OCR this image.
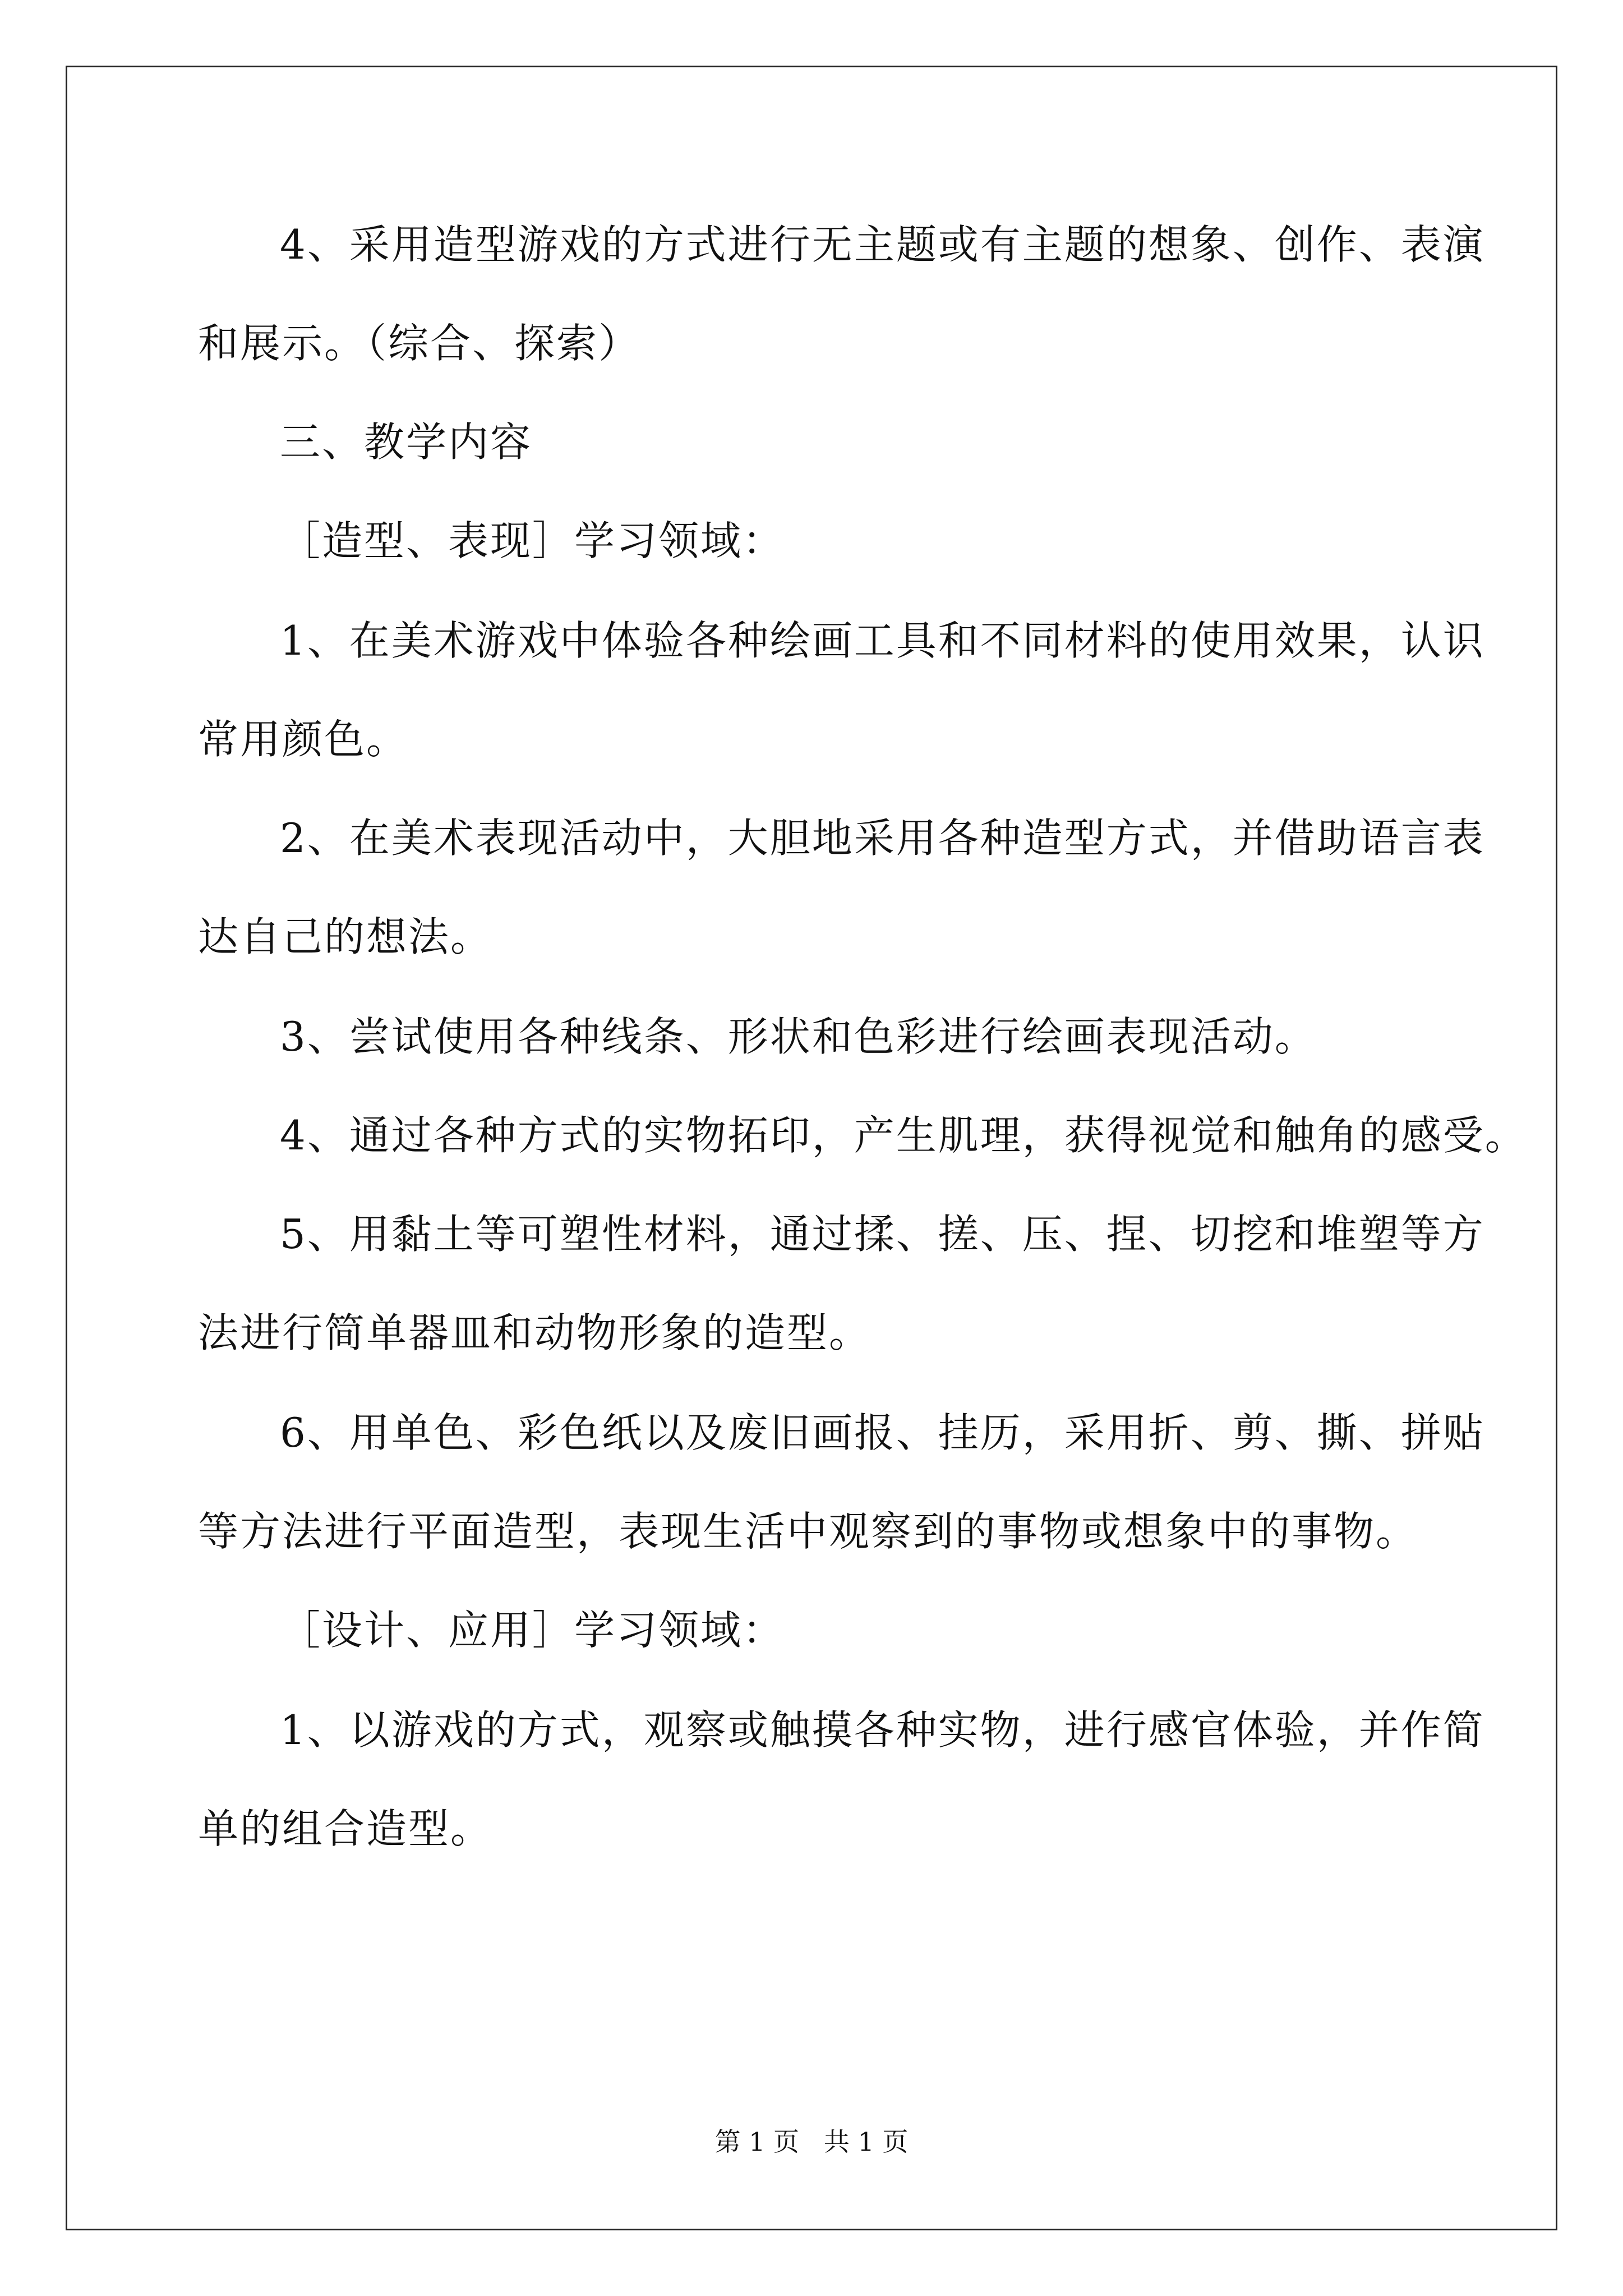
4、采用造型游戏的方式进行无主题或有主题的想象、创作、表演
和展示。（综合、探索）
三、教学内容
［造型、表现］学习领域：
1、在美术游戏中体验各种绘画工具和不同材料的使用效果，认识
常用颜色。
2、在美术表现活动中，大胆地采用各种造型方式，并借助语言表
达自己的想法。
3、尝试使用各种线条、形状和色彩进行绘画表现活动。
4、通过各种方式的实物拓印，产生肌理，获得视觉和触角的感受。
5、用黏土等可塑性材料，通过揉、搓、压、捏、切挖和堆塑等方
法进行简单器皿和动物形象的造型。
6、用单色、彩色纸以及废旧画报、挂历，采用折、剪、撕、拼贴
等方法进行平面造型，表现生活中观察到的事物或想象中的事物。
［设计、应用］学习领域：
1、以游戏的方式，观察或触摸各种实物，进行感官体验，并作简
单的组合造型。
第 1 页   共 1 页
